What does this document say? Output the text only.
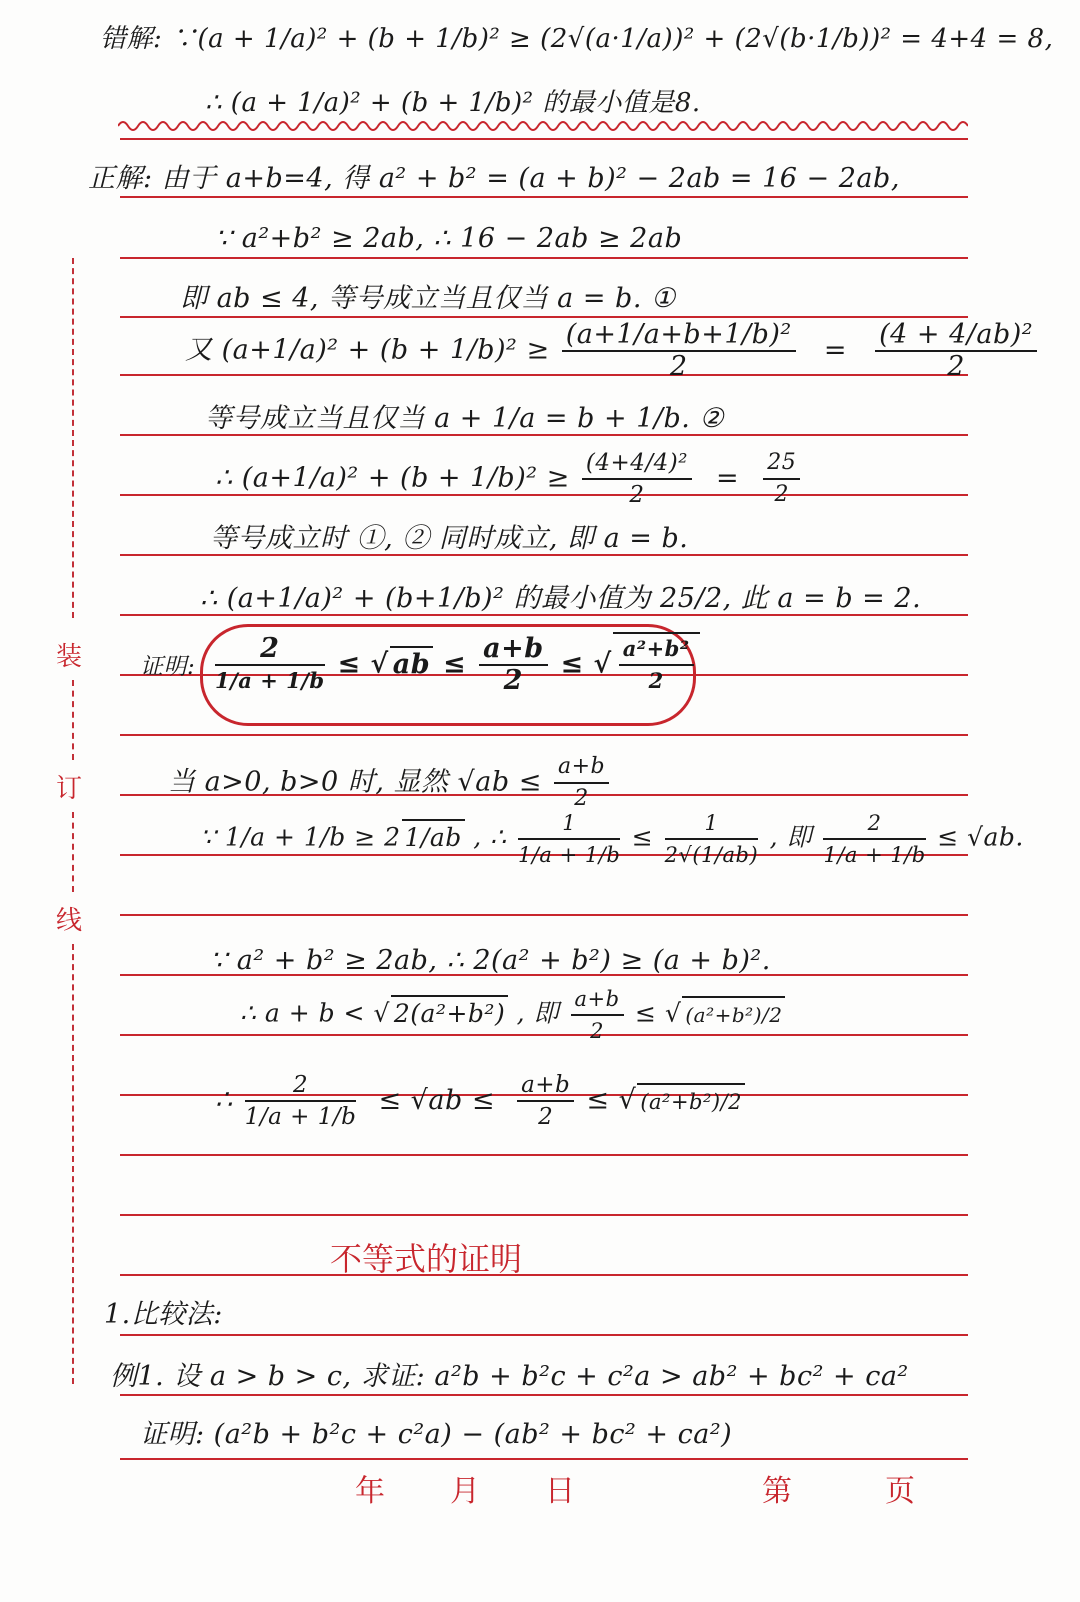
装
订
线
错解: ∵(a + 1/a)² + (b + 1/b)² ≥ (2√(a·1/a))² + (2√(b·1/b))² = 4+4 = 8,
∴ (a + 1/a)² + (b + 1/b)² 的最小值是8.
正解: 由于 a+b=4, 得 a² + b² = (a + b)² − 2ab = 16 − 2ab,
∵ a²+b² ≥ 2ab, ∴ 16 − 2ab ≥ 2ab
即 ab ≤ 4, 等号成立当且仅当 a = b. ①
又 $(a+1/a)^2 + (b + 1/b)^2 \ge \frac{\text{(a+1/a+b+1/b)²}}{2} = \frac{\text{(4 + 4/ab)²}}{2}$
等号成立当且仅当 a + 1/a = b + 1/b. ②
∴ $(a+1/a)^2 + (b + 1/b)^2 \ge \frac{\text{(4+4/4)²}}{2} = \frac{25}{2}$
等号成立时 ①, ② 同时成立, 即 a = b.
∴ (a+1/a)² + (b+1/b)² 的最小值为 25/2, 此 a = b = 2.
证明: $\frac{2}{1/a + 1/b}$ ≤ √ ab ≤ $\frac{a+b}{2}$ ≤ √ $\frac{\text{a²+b²}}{2}$
当 a>0, b>0 时, 显然 $√ab \le \frac{a+b}{2}$
∵ 1/a + 1/b ≥ 2 1/ab , ∴ $\frac{1}{1/a + 1/b} \le \frac{1}{2√(1/ab)}$ , 即 $\frac{2}{1/a + 1/b} \le √ab$.
∵ a² + b² ≥ 2ab, ∴ 2(a² + b²) ≥ (a + b)².
∴ a + b < √ 2(a²+b²) , 即 $\frac{a+b}{2}$ ≤ √ (a²+b²)/2
∴ $\frac{2}{1/a + 1/b} \le √ab \le \frac{a+b}{2}$ ≤ √ (a²+b²)/2
不等式的证明
1.比较法:
例1. 设 a > b > c, 求证: a²b + b²c + c²a > ab² + bc² + ca²
证明: (a²b + b²c + c²a) − (ab² + bc² + ca²)
年 月 日	第	页
